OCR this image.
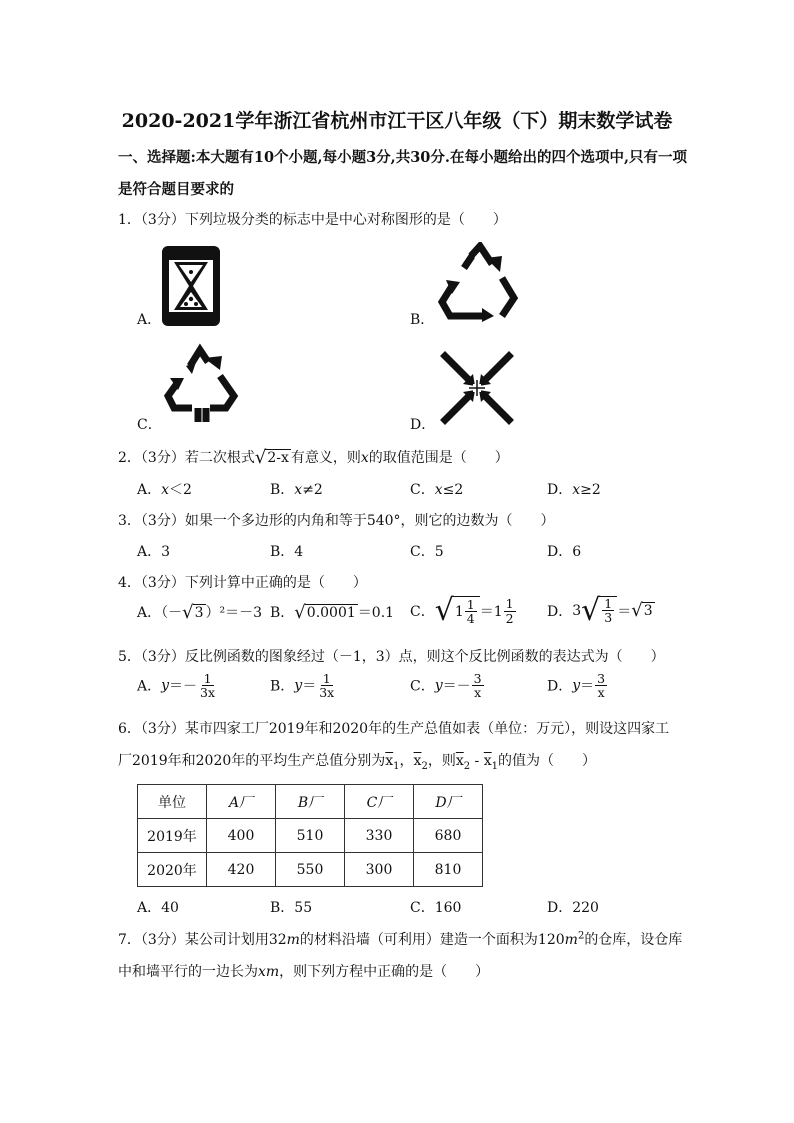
2020-2021学年浙江省杭州市江干区八年级（下）期末数学试卷
一、选择题:本大题有10个小题,每小题3分,共30分.在每小题给出的四个选项中,只有一项
是符合题目要求的
1．（3分）下列垃圾分类的标志中是中心对称图形的是（　　）
A．	B．
C．	D．
2．（3分）若二次根式 √ 2-x 有意义，则x的取值范围是（　　）
A．x＜2	B．x≠2	C．x≤2	D．x≥2
3．（3分）如果一个多边形的内角和等于540°，则它的边数为（　　）
A．3	B．4	C．5	D．6
4．（3分）下列计算中正确的是（　　）
A．（－ √ 3 ）²＝－3 B． √ 0.0001 ＝0.1 C． √ $1 \frac{1}{4} =1 \frac{1}{2}$ D．3 √ $\frac{1}{3}$ ＝ √ 3
5．（3分）反比例函数的图象经过（－1，3）点，则这个反比例函数的表达式为（　　）
A．$y=- \frac{1}{3x}$	B．$y= \frac{1}{3x}$	C．$y=- \frac{3}{x}$	D．$y= \frac{3}{x}$
6．（3分）某市四家工厂2019年和2020年的生产总值如表（单位：万元），则设这四家工
厂2019年和2020年的平均生产总值分别为$\overline{x}_1$，$\overline{x}_2$，则$\overline{x}_2 - \overline{x}_1$的值为（　　）
单位	A厂	B厂	C厂	D厂
2019年	400	510	330	680
2020年	420	550	300	810
A．40	B．55	C．160	D．220
7．（3分）某公司计划用32m的材料沿墙（可利用）建造一个面积为$120m^2$的仓库，设仓库
中和墙平行的一边长为xm，则下列方程中正确的是（　　）
